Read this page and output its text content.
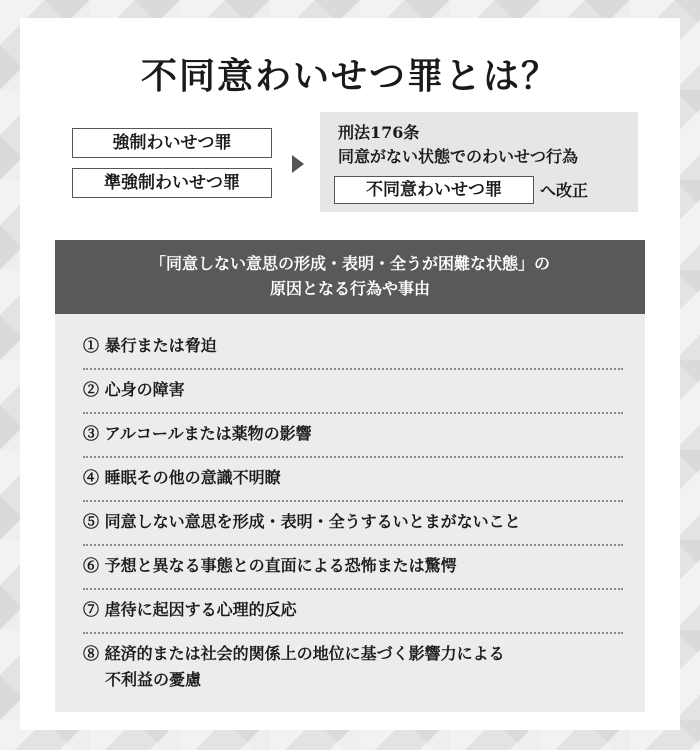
不同意わいせつ罪とは？
強制わいせつ罪
準強制わいせつ罪
刑法176条
同意がない状態でのわいせつ行為
不同意わいせつ罪	へ改正
「同意しない意思の形成・表明・全うが困難な状態」の
原因となる行為や事由
① 暴行または脅迫
② 心身の障害
③ アルコールまたは薬物の影響
④ 睡眠その他の意識不明瞭
⑤ 同意しない意思を形成・表明・全うするいとまがないこと
⑥ 予想と異なる事態との直面による恐怖または驚愕
⑦ 虐待に起因する心理的反応
⑧ 経済的または社会的関係上の地位に基づく影響力による
不利益の憂慮
